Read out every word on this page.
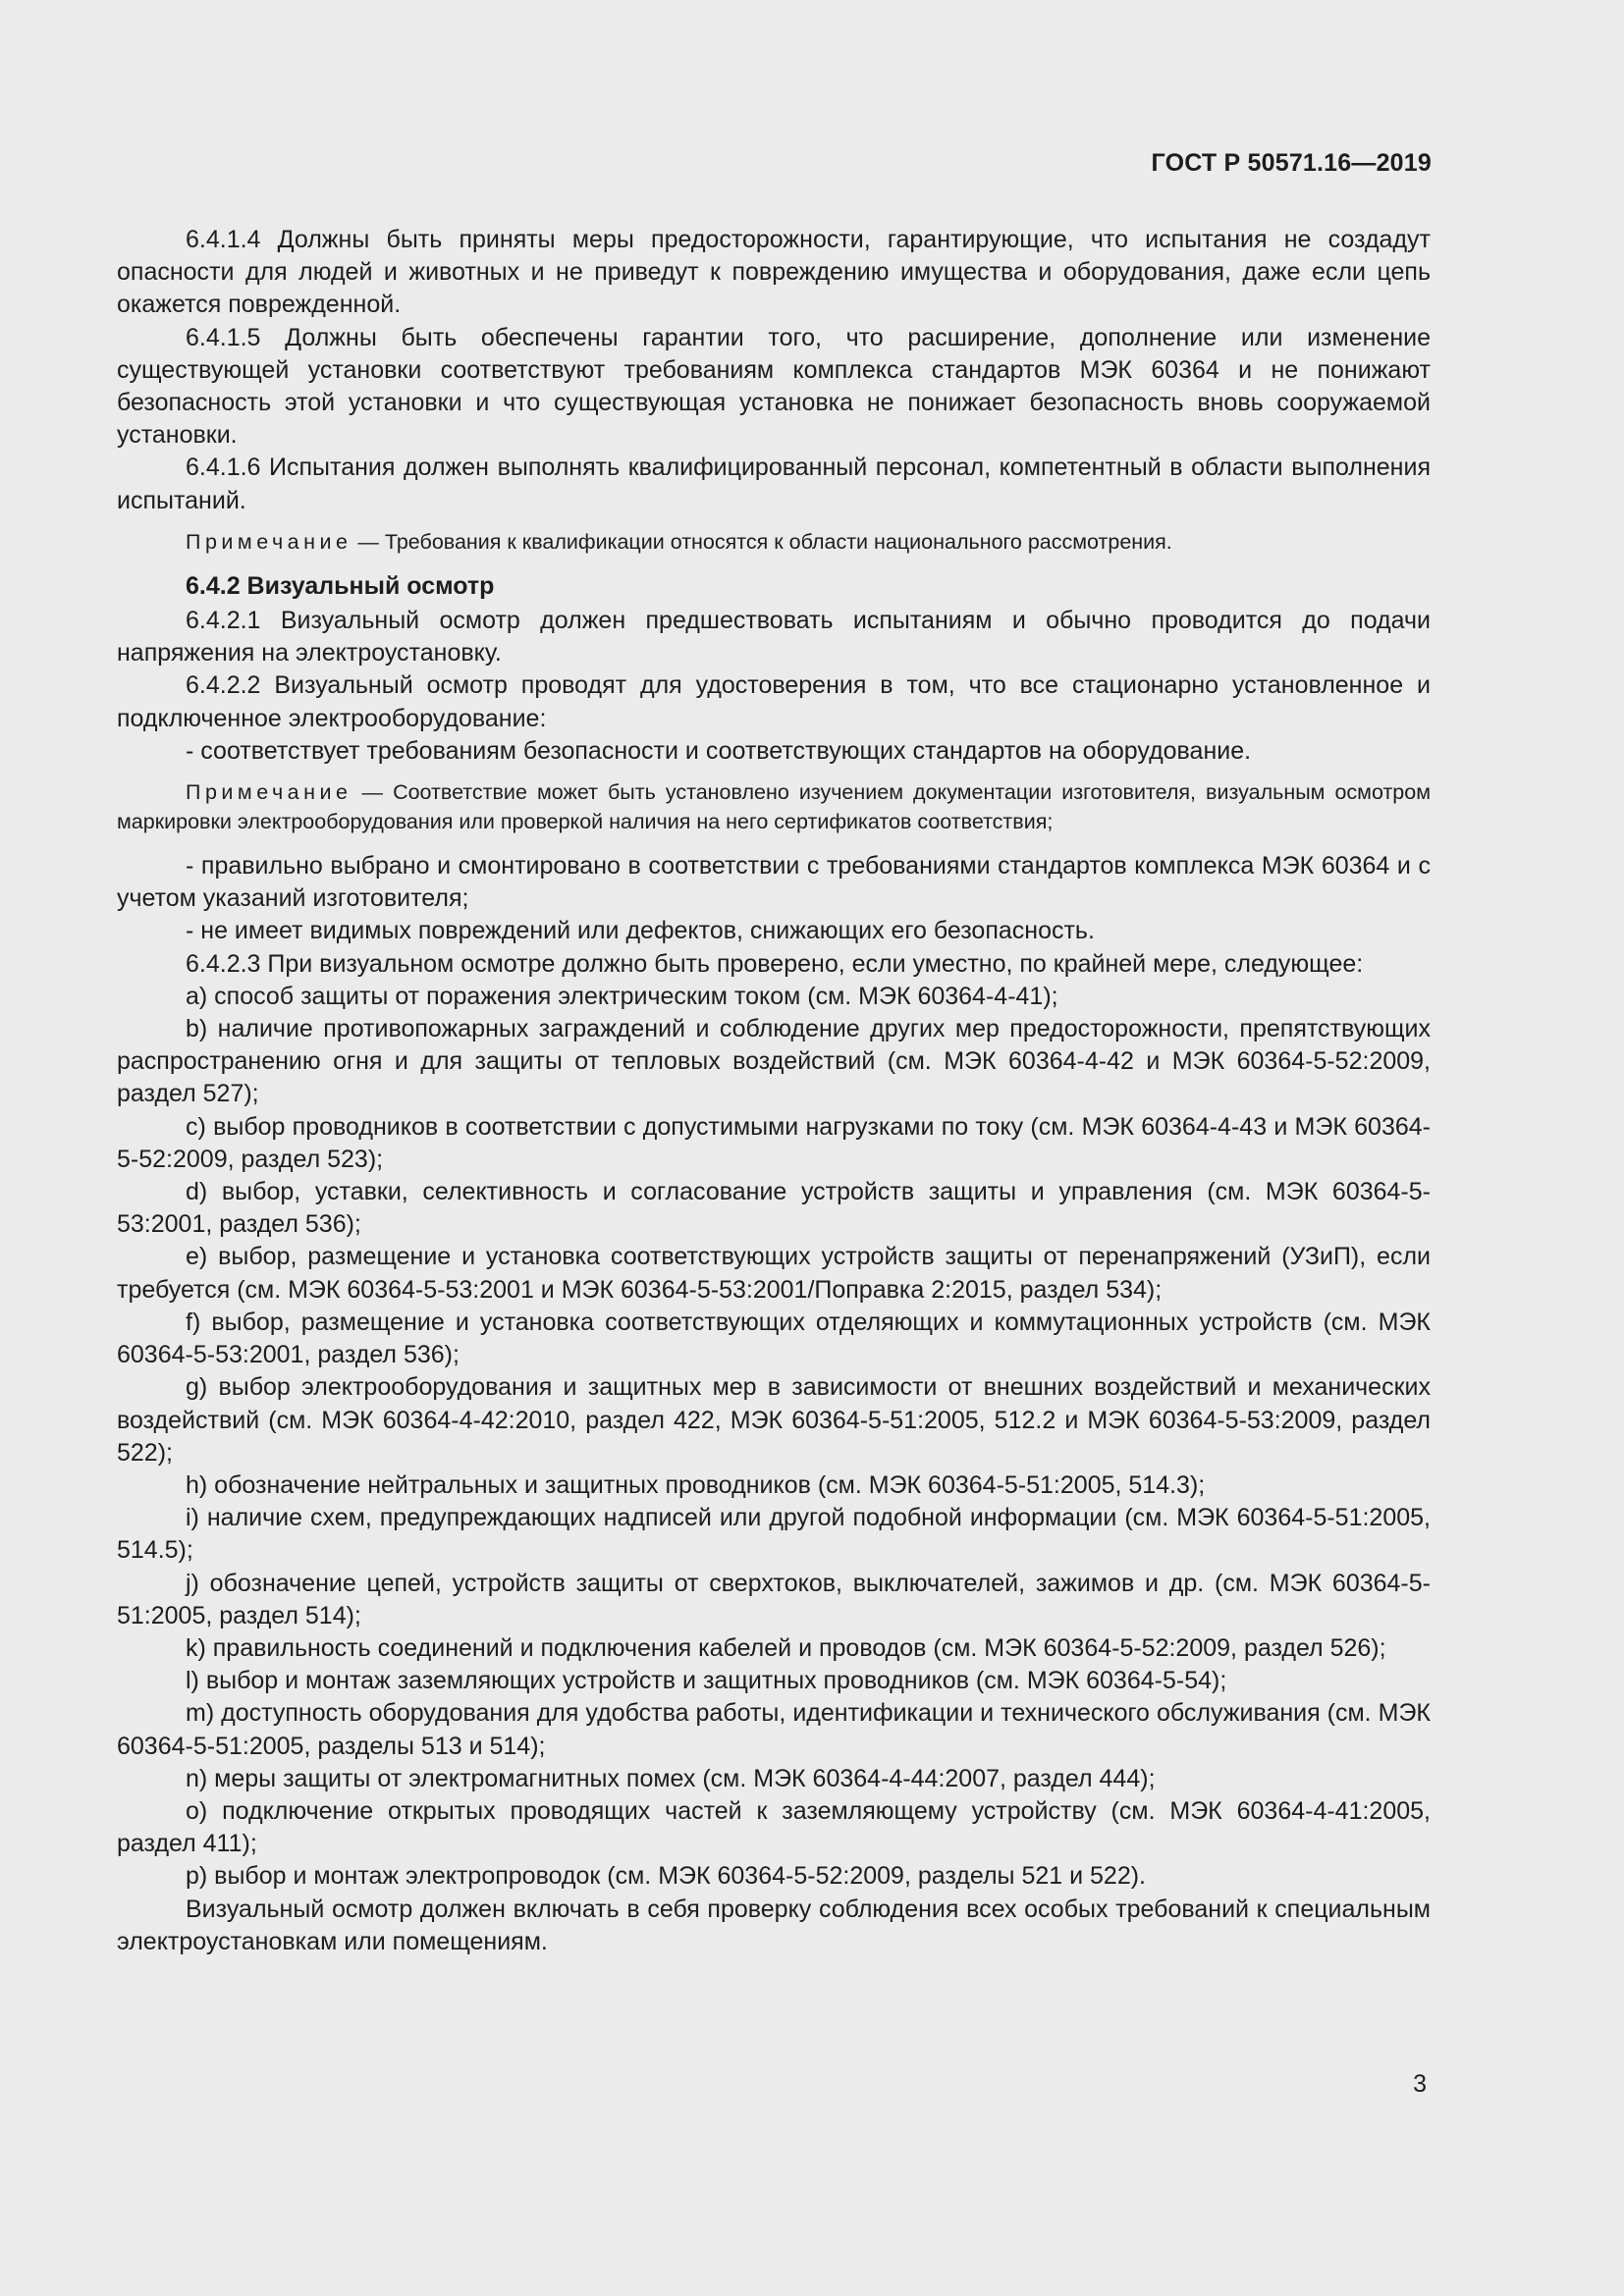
ГОСТ Р 50571.16—2019

6.4.1.4 Должны быть приняты меры предосторожности, гарантирующие, что испытания не создадут опасности для людей и животных и не приведут к повреждению имущества и оборудования, даже если цепь окажется поврежденной.

6.4.1.5 Должны быть обеспечены гарантии того, что расширение, дополнение или изменение существующей установки соответствуют требованиям комплекса стандартов МЭК 60364 и не понижают безопасность этой установки и что существующая установка не понижает безопасность вновь сооружаемой установки.

6.4.1.6 Испытания должен выполнять квалифицированный персонал, компетентный в области выполнения испытаний.

Примечание — Требования к квалификации относятся к области национального рассмотрения.

6.4.2 Визуальный осмотр

6.4.2.1 Визуальный осмотр должен предшествовать испытаниям и обычно проводится до подачи напряжения на электроустановку.

6.4.2.2 Визуальный осмотр проводят для удостоверения в том, что все стационарно установленное и подключенное электрооборудование:

- соответствует требованиям безопасности и соответствующих стандартов на оборудование.

Примечание — Соответствие может быть установлено изучением документации изготовителя, визуальным осмотром маркировки электрооборудования или проверкой наличия на него сертификатов соответствия;

- правильно выбрано и смонтировано в соответствии с требованиями стандартов комплекса МЭК 60364 и с учетом указаний изготовителя;

- не имеет видимых повреждений или дефектов, снижающих его безопасность.

6.4.2.3 При визуальном осмотре должно быть проверено, если уместно, по крайней мере, следующее:

a) способ защиты от поражения электрическим током (см. МЭК 60364-4-41);

b) наличие противопожарных заграждений и соблюдение других мер предосторожности, препятствующих распространению огня и для защиты от тепловых воздействий (см. МЭК 60364-4-42 и МЭК 60364-5-52:2009, раздел 527);

c) выбор проводников в соответствии с допустимыми нагрузками по току (см. МЭК 60364-4-43 и МЭК 60364-5-52:2009, раздел 523);

d) выбор, уставки, селективность и согласование устройств защиты и управления (см. МЭК 60364-5-53:2001, раздел 536);

e) выбор, размещение и установка соответствующих устройств защиты от перенапряжений (УЗиП), если требуется (см. МЭК 60364-5-53:2001 и МЭК 60364-5-53:2001/Поправка 2:2015, раздел 534);

f) выбор, размещение и установка соответствующих отделяющих и коммутационных устройств (см. МЭК 60364-5-53:2001, раздел 536);

g) выбор электрооборудования и защитных мер в зависимости от внешних воздействий и механических воздействий (см. МЭК 60364-4-42:2010, раздел 422, МЭК 60364-5-51:2005, 512.2 и МЭК 60364-5-53:2009, раздел 522);

h) обозначение нейтральных и защитных проводников (см. МЭК 60364-5-51:2005, 514.3);

i) наличие схем, предупреждающих надписей или другой подобной информации (см. МЭК 60364-5-51:2005, 514.5);

j) обозначение цепей, устройств защиты от сверхтоков, выключателей, зажимов и др. (см. МЭК 60364-5-51:2005, раздел 514);

k) правильность соединений и подключения кабелей и проводов (см. МЭК 60364-5-52:2009, раздел 526);

l) выбор и монтаж заземляющих устройств и защитных проводников (см. МЭК 60364-5-54);

m) доступность оборудования для удобства работы, идентификации и технического обслуживания (см. МЭК 60364-5-51:2005, разделы 513 и 514);

n) меры защиты от электромагнитных помех (см. МЭК 60364-4-44:2007, раздел 444);

o) подключение открытых проводящих частей к заземляющему устройству (см. МЭК 60364-4-41:2005, раздел 411);

p) выбор и монтаж электропроводок (см. МЭК 60364-5-52:2009, разделы 521 и 522).

Визуальный осмотр должен включать в себя проверку соблюдения всех особых требований к специальным электроустановкам или помещениям.

3
